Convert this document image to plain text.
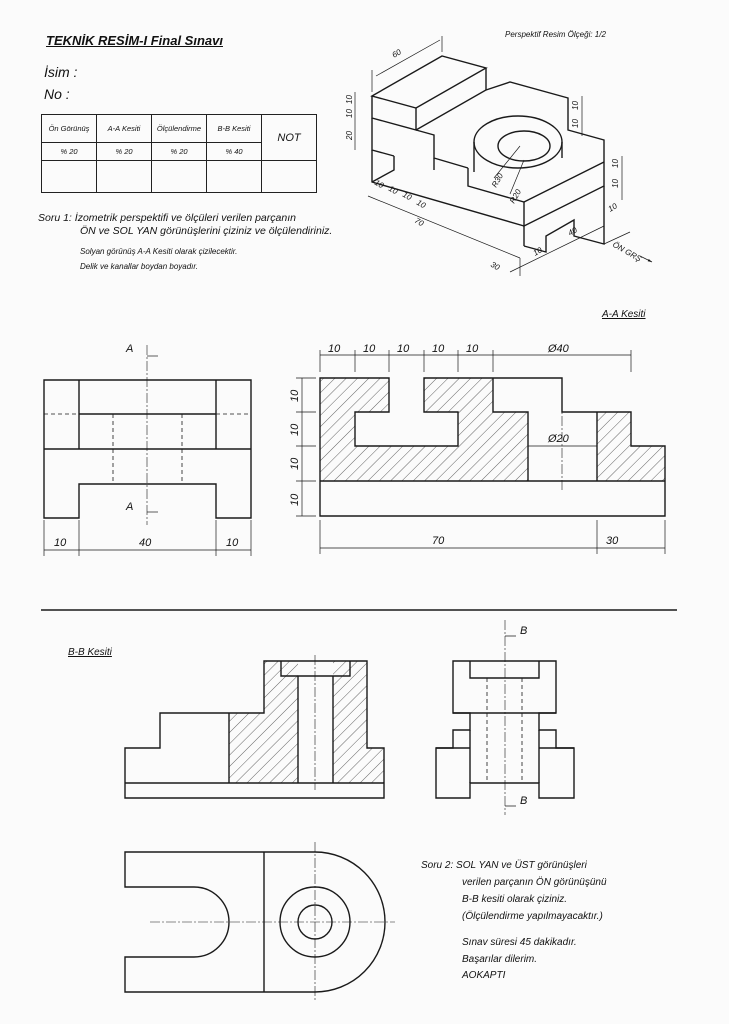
TEKNİK RESİM-I Final Sınavı	Perspektif Resim Ölçeği: 1/2
İsim :
No :
Ön Görünüş	A-A Kesiti	Ölçülendirme	B-B Kesiti	NOT
% 20	% 20	% 20	% 40	

Soru 1: İzometrik perspektifi ve ölçüleri verilen parçanın
ÖN ve SOL YAN görünüşlerini çiziniz ve ölçülendiriniz.
Solyan görünüş A-A Kesiti olarak çizilecektir.
Delik ve kanallar boydan boyadır.
A-A Kesiti
B-B Kesiti
Soru 2: SOL YAN ve ÜST görünüşleri
verilen parçanın ÖN görünüşünü
B-B kesiti olarak çiziniz.
(Ölçülendirme yapılmayacaktır.)
Sınav süresi 45 dakikadır.
Başarılar dilerim.
AOKAPTI
60
10
10
20
10
10
10
10
10 10 10
10
70
30
40
10
10
R30
R20
ÖN GRŞ
A
A
10	40	10
10 10 10 10 10	Ø40
Ø20
10
10
10
10
70	30
B
B
